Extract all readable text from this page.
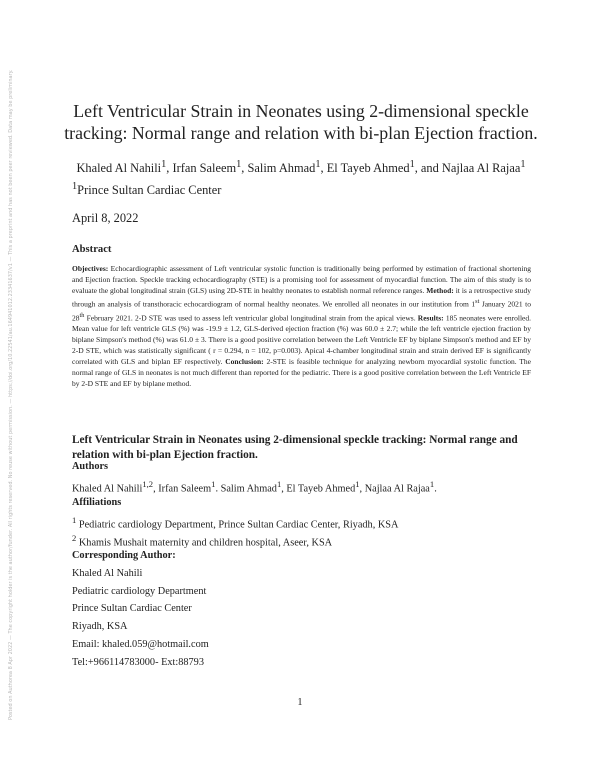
Posted on Authorea 8 Apr 2022 — The copyright holder is the author/funder. All rights reserved. No reuse without permission. — https://doi.org/10.22541/au.164941012.23341637/v1 — This a preprint and has not been peer reviewed. Data may be preliminary.	Left Ventricular Strain in Neonates using 2-dimensional speckle
tracking: Normal range and relation with bi-plan Ejection fraction.
Khaled Al Nahili$^1$, Irfan Saleem$^1$, Salim Ahmad$^1$, El Tayeb Ahmed$^1$, and Najlaa Al Rajaa$^1$
$^1$Prince Sultan Cardiac Center
April 8, 2022
Abstract
Objectives: Echocardiographic assessment of Left ventricular systolic function is traditionally being performed by estimation of fractional shortening and Ejection fraction. Speckle tracking echocardiography (STE) is a promising tool for assessment of myocardial function. The aim of this study is to evaluate the global longitudinal strain (GLS) using 2D-STE in healthy neonates to establish normal reference ranges. Method: it is a retrospective study through an analysis of transthoracic echocardiogram of normal healthy neonates. We enrolled all neonates in our institution from 1st January 2021 to 28th February 2021. 2-D STE was used to assess left ventricular global longitudinal strain from the apical views. Results: 185 neonates were enrolled. Mean value for left ventricle GLS (%) was -19.9 ± 1.2, GLS-derived ejection fraction (%) was 60.0 ± 2.7; while the left ventricle ejection fraction by biplane Simpson's method (%) was 61.0 ± 3. There is a good positive correlation between the Left Ventricle EF by biplane Simpson's method and EF by 2-D STE, which was statistically significant ( r = 0.294, n = 102, p=0.003). Apical 4-chamber longitudinal strain and strain derived EF is significantly correlated with GLS and biplan EF respectively. Conclusion: 2-STE is feasible technique for analyzing newborn myocardial systolic function. The normal range of GLS in neonates is not much different than reported for the pediatric. There is a good positive correlation between the Left Ventricle EF by 2-D STE and EF by biplane method.
Left Ventricular Strain in Neonates using 2-dimensional speckle tracking: Normal range and relation with bi-plan Ejection fraction.
Authors
Khaled Al Nahili$^{1,2}$, Irfan Saleem$^1$. Salim Ahmad$^1$, El Tayeb Ahmed$^1$, Najlaa Al Rajaa$^1$.
Affiliations
$^1$ Pediatric cardiology Department, Prince Sultan Cardiac Center, Riyadh, KSA
$^2$ Khamis Mushait maternity and children hospital, Aseer, KSA
Corresponding Author:
Khaled Al Nahili
Pediatric cardiology Department
Prince Sultan Cardiac Center
Riyadh, KSA
Email: khaled.059@hotmail.com
Tel:+966114783000- Ext:88793
1
